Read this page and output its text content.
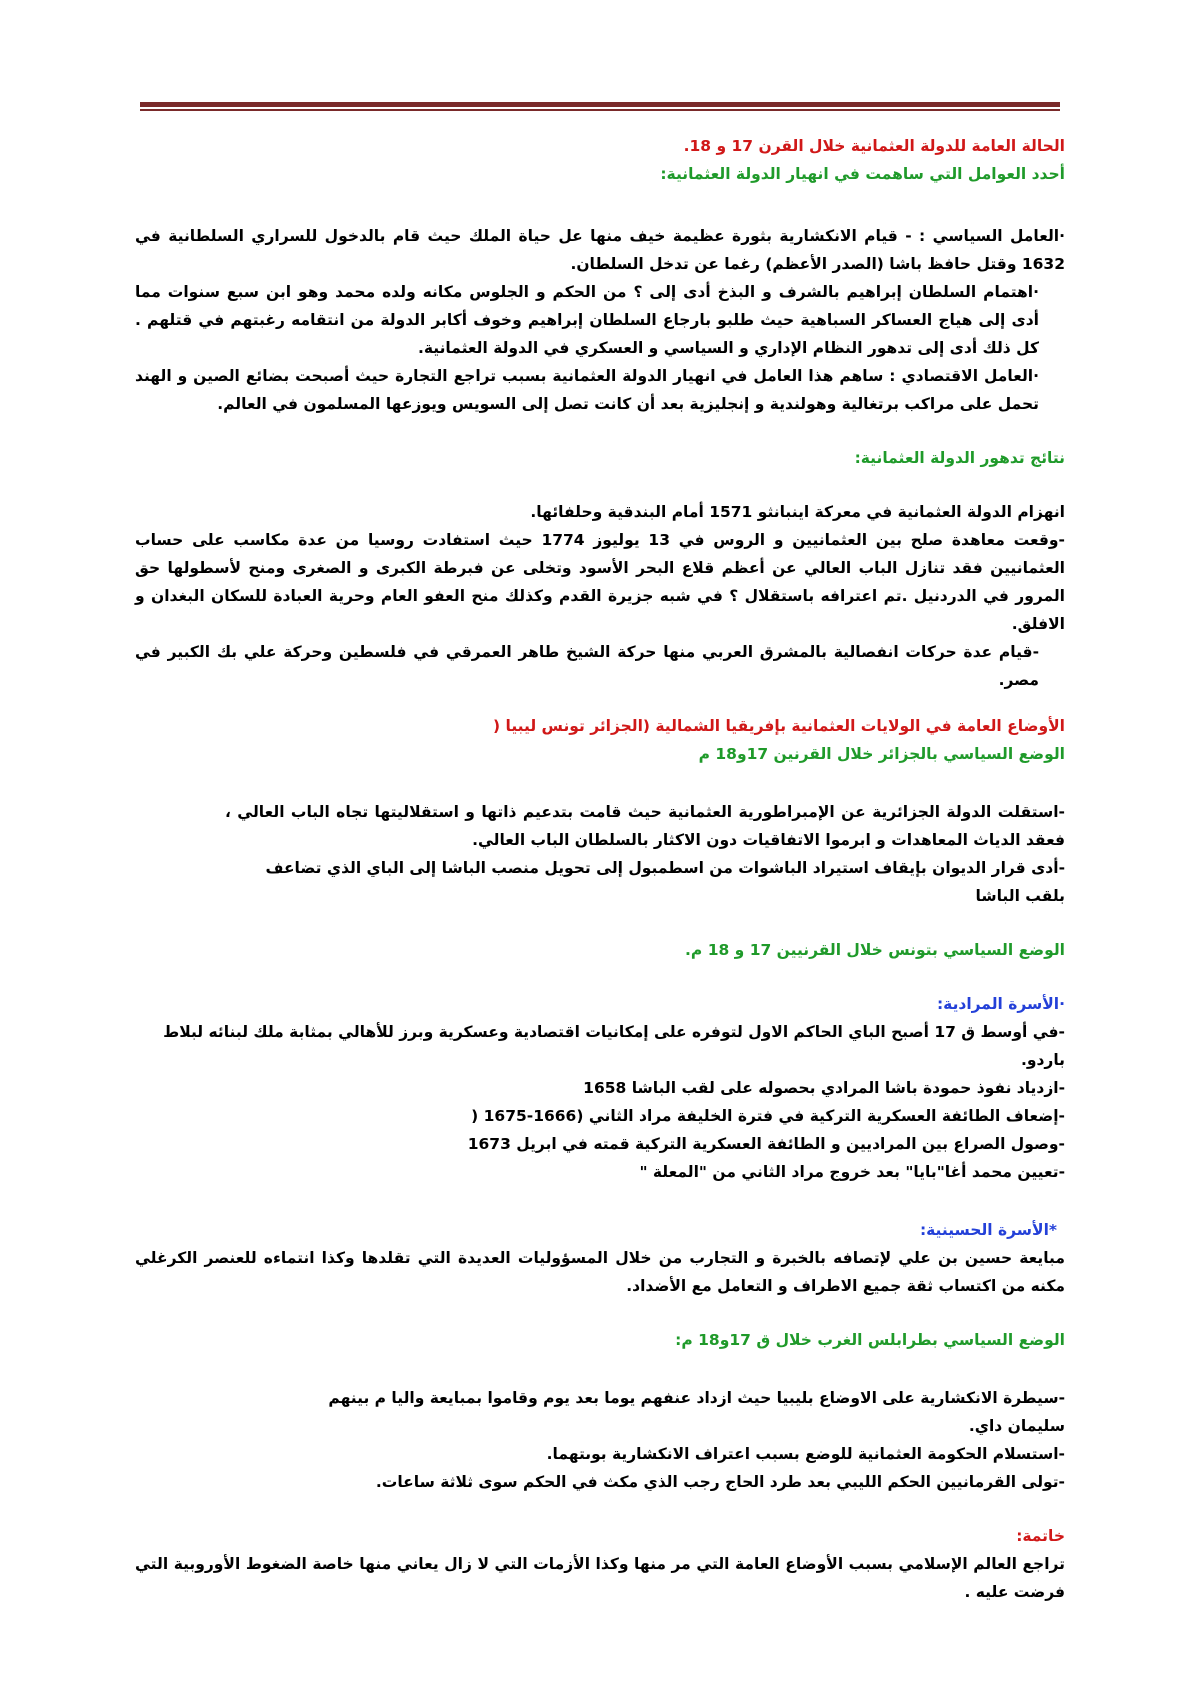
الحالة العامة للدولة العثمانية خلال القرن 17 و 18.

أحدد العوامل التي ساهمت في انهيار الدولة العثمانية:

·العامل السياسي : - قيام الانكشارية بثورة عظيمة خيف منها عل حياة الملك حيث قام بالدخول للسراري السلطانية في 1632 وقتل حافظ باشا (الصدر الأعظم) رغما عن تدخل السلطان.

·اهتمام السلطان إبراهيم بالشرف و البذخ أدى إلى ؟ من الحكم و الجلوس مكانه ولده محمد وهو ابن سبع سنوات مما أدى إلى هياج العساكر السباهية حيث طلبو بارجاع السلطان إبراهيم وخوف أكابر الدولة من انتقامه رغبتهم في قتلهم . كل ذلك أدى إلى تدهور النظام الإداري و السياسي و العسكري في الدولة العثمانية.

·العامل الاقتصادي : ساهم هذا العامل في انهيار الدولة العثمانية بسبب تراجع التجارة حيث أصبحت بضائع الصين و الهند تحمل على مراكب برتغالية وهولندية و إنجليزية بعد أن كانت تصل إلى السويس ويوزعها المسلمون في العالم.

نتائج تدهور الدولة العثمانية:

انهزام الدولة العثمانية في معركة اينبانثو 1571 أمام البندقية وحلفائها.

-وقعت معاهدة صلح بين العثمانيين و الروس في 13 يوليوز 1774 حيث استفادت روسيا من عدة مكاسب على حساب العثمانيين فقد تنازل الباب العالي عن أعظم قلاع البحر الأسود وتخلى عن فبرطة الكبرى و الصغرى ومنح لأسطولها حق المرور في الدردنيل .تم اعترافه باستقلال ؟ في شبه جزيرة القدم وكذلك منح العفو العام وحرية العبادة للسكان البغدان و الافلق.

-قيام عدة حركات انفصالية بالمشرق العربي منها حركة الشيخ طاهر العمرقي في فلسطين وحركة علي بك الكبير في مصر.

الأوضاع العامة في الولايات العثمانية بإفريقيا الشمالية (الجزائر تونس ليبيا (

الوضع السياسي بالجزائر خلال القرنين 17و18 م

-استقلت الدولة الجزائرية عن الإمبراطورية العثمانية حيث قامت بتدعيم ذاتها و استقلاليتها تجاه الباب العالي ، فعقد الدياث المعاهدات و ابرموا الاتفاقيات دون الاكثار بالسلطان الباب العالي.

-أدى قرار الديوان بإيقاف استيراد الباشوات من اسطمبول إلى تحويل منصب الباشا إلى الباي الذي تضاعف بلقب الباشا

الوضع السياسي بتونس خلال القرنيين 17 و 18 م.

·الأسرة المرادية:

-في أوسط ق 17 أصبح الباي الحاكم الاول لتوفره على إمكانيات اقتصادية وعسكرية وبرز للأهالي بمثابة ملك لبنائه لبلاط باردو.

-ازدياد نفوذ حمودة باشا المرادي بحصوله على لقب الباشا 1658

-إضعاف الطائفة العسكرية التركية في فترة الخليفة مراد الثاني (1666-1675 (

-وصول الصراع بين المراديين و الطائفة العسكرية التركية قمته في ابريل 1673

-تعيين محمد أغا"بايا" بعد خروج مراد الثاني من "المعلة "

*الأسرة الحسينية:

مبايعة حسين بن علي لإتصافه بالخبرة و التجارب من خلال المسؤوليات العديدة التي تقلدها وكذا انتماءه للعنصر الكرغلي مكنه من اكتساب ثقة جميع الاطراف و التعامل مع الأضداد.

الوضع السياسي بطرابلس الغرب خلال ق 17و18 م:

-سيطرة الانكشارية على الاوضاع بليبيا حيث ازداد عنفهم يوما بعد يوم وقاموا بمبايعة واليا م بينهم سليمان داي.

-استسلام الحكومة العثمانية للوضع بسبب اعتراف الانكشارية بوىتهما.

-تولى القرمانيين الحكم الليبي بعد طرد الحاج رجب الذي مكث في الحكم سوى ثلاثة ساعات.

خاتمة:

تراجع العالم الإسلامي بسبب الأوضاع العامة التي مر منها وكذا الأزمات التي لا زال يعاني منها خاصة الضغوط الأوروبية التي فرضت عليه .
